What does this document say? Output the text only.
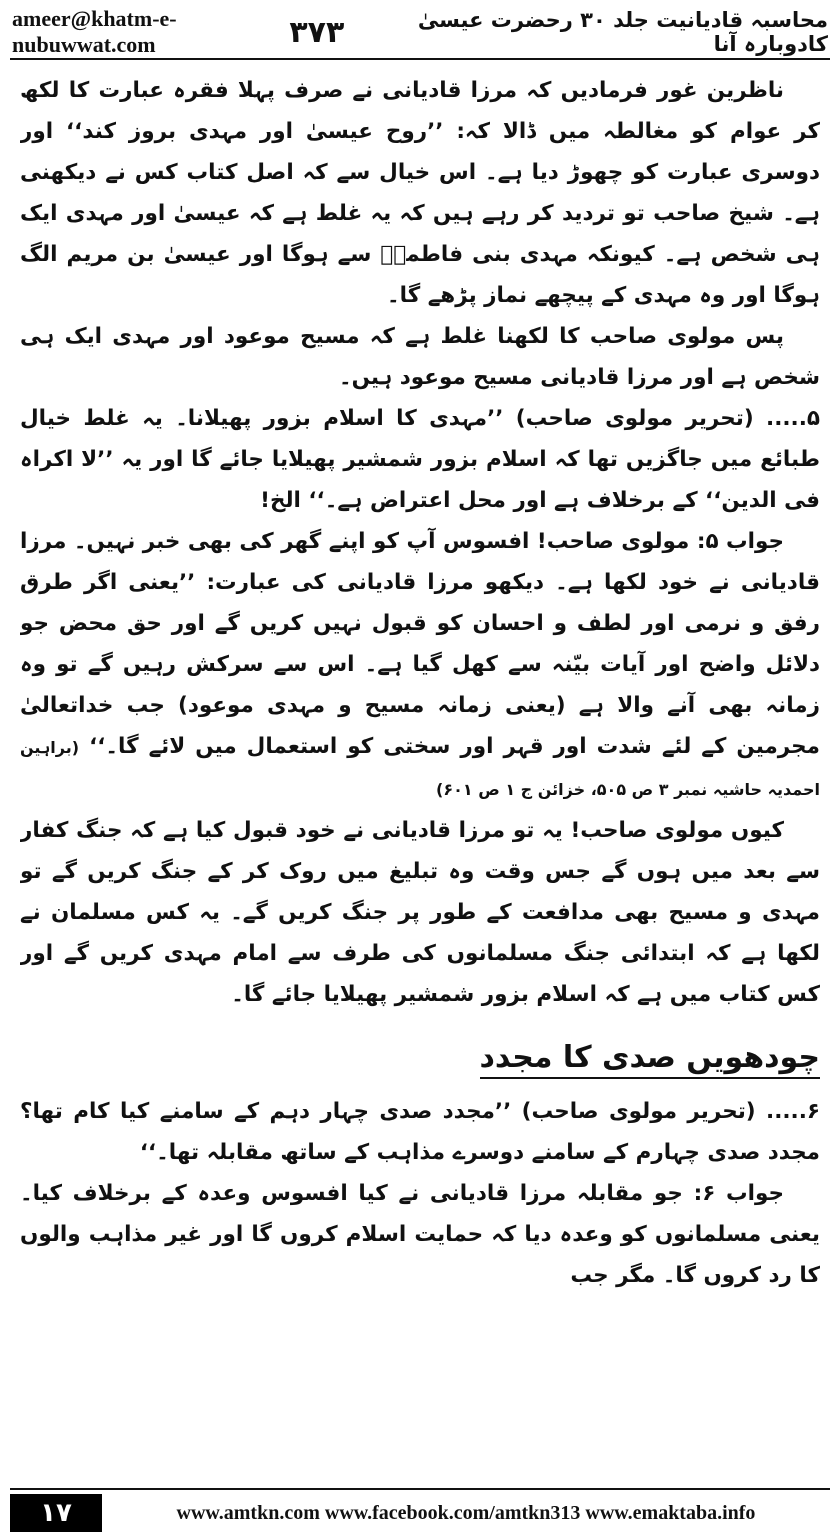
ameer@khatm-e-nubuwwat.com	۳۷۳	محاسبہ قادیانیت جلد ۳۰ رحضرت عیسیٰ کادوبارہ آنا

ناظرین غور فرمادیں کہ مرزا قادیانی نے صرف پہلا فقرہ عبارت کا لکھ کر عوام کو مغالطہ میں ڈالا کہ: ’’روح عیسیٰ اور مہدی بروز کند‘‘ اور دوسری عبارت کو چھوڑ دیا ہے۔ اس خیال سے کہ اصل کتاب کس نے دیکھنی ہے۔ شیخ صاحب تو تردید کر رہے ہیں کہ یہ غلط ہے کہ عیسیٰ اور مہدی ایک ہی شخص ہے۔ کیونکہ مہدی بنی فاطمہؓ سے ہوگا اور عیسیٰ بن مریم الگ ہوگا اور وہ مہدی کے پیچھے نماز پڑھے گا۔

پس مولوی صاحب کا لکھنا غلط ہے کہ مسیح موعود اور مہدی ایک ہی شخص ہے اور مرزا قادیانی مسیح موعود ہیں۔

۵..... (تحریر مولوی صاحب) ’’مہدی کا اسلام بزور پھیلانا۔ یہ غلط خیال طبائع میں جاگزیں تھا کہ اسلام بزور شمشیر پھیلایا جائے گا اور یہ ’’لا اکراہ فی الدین‘‘ کے برخلاف ہے اور محل اعتراض ہے۔‘‘ الخ!

جواب ۵: مولوی صاحب! افسوس آپ کو اپنے گھر کی بھی خبر نہیں۔ مرزا قادیانی نے خود لکھا ہے۔ دیکھو مرزا قادیانی کی عبارت: ’’یعنی اگر طرق رفق و نرمی اور لطف و احسان کو قبول نہیں کریں گے اور حق محض جو دلائل واضح اور آیات بیّنہ سے کھل گیا ہے۔ اس سے سرکش رہیں گے تو وہ زمانہ بھی آنے والا ہے (یعنی زمانہ مسیح و مہدی موعود) جب خداتعالیٰ مجرمین کے لئے شدت اور قہر اور سختی کو استعمال میں لائے گا۔‘‘ (براہین احمدیہ حاشیہ نمبر ۳ ص ۵۰۵، خزائن ج ۱ ص ۶۰۱)

کیوں مولوی صاحب! یہ تو مرزا قادیانی نے خود قبول کیا ہے کہ جنگ کفار سے بعد میں ہوں گے جس وقت وہ تبلیغ میں روک کر کے جنگ کریں گے تو مہدی و مسیح بھی مدافعت کے طور پر جنگ کریں گے۔ یہ کس مسلمان نے لکھا ہے کہ ابتدائی جنگ مسلمانوں کی طرف سے امام مہدی کریں گے اور کس کتاب میں ہے کہ اسلام بزور شمشیر پھیلایا جائے گا۔

چودھویں صدی کا مجدد

۶..... (تحریر مولوی صاحب) ’’مجدد صدی چہار دہم کے سامنے کیا کام تھا؟ مجدد صدی چہارم کے سامنے دوسرے مذاہب کے ساتھ مقابلہ تھا۔‘‘

جواب ۶: جو مقابلہ مرزا قادیانی نے کیا افسوس وعدہ کے برخلاف کیا۔ یعنی مسلمانوں کو وعدہ دیا کہ حمایت اسلام کروں گا اور غیر مذاہب والوں کا رد کروں گا۔ مگر جب

۱۷	www.amtkn.com www.facebook.com/amtkn313 www.emaktaba.info
